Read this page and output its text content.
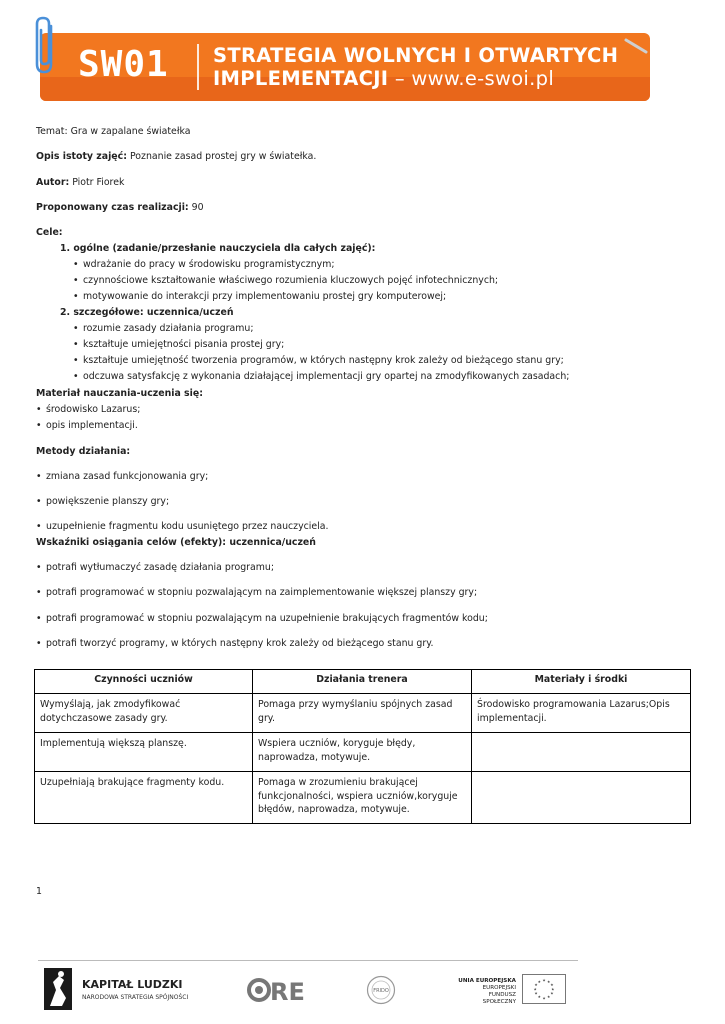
SW01 STRATEGIA WOLNYCH I OTWARTYCH
IMPLEMENTACJI – www.e-swoi.pl
Temat: Gra w zapalane światełka
Opis istoty zajęć: Poznanie zasad prostej gry w światełka.
Autor: Piotr Fiorek
Proponowany czas realizacji: 90
Cele:
1. ogólne (zadanie/przesłanie nauczyciela dla całych zajęć):
• wdrażanie do pracy w środowisku programistycznym;
• czynnościowe kształtowanie właściwego rozumienia kluczowych pojęć infotechnicznych;
• motywowanie do interakcji przy implementowaniu prostej gry komputerowej;
2. szczegółowe: uczennica/uczeń
• rozumie zasady działania programu;
• kształtuje umiejętności pisania prostej gry;
• kształtuje umiejętność tworzenia programów, w których następny krok zależy od bieżącego stanu gry;
• odczuwa satysfakcję z wykonania działającej implementacji gry opartej na zmodyfikowanych zasadach;
Materiał nauczania-uczenia się:
• środowisko Lazarus;
• opis implementacji.
Metody działania:
• zmiana zasad funkcjonowania gry;
• powiększenie planszy gry;
• uzupełnienie fragmentu kodu usuniętego przez nauczyciela.
Wskaźniki osiągania celów (efekty): uczennica/uczeń
• potrafi wytłumaczyć zasadę działania programu;
• potrafi programować w stopniu pozwalającym na zaimplementowanie większej planszy gry;
• potrafi programować w stopniu pozwalającym na uzupełnienie brakujących fragmentów kodu;
• potrafi tworzyć programy, w których następny krok zależy od bieżącego stanu gry.
Czynności uczniów	Działania trenera	Materiały i środki
Wymyślają, jak zmodyfikować dotychczasowe zasady gry.	Pomaga przy wymyślaniu spójnych zasad gry.	Środowisko programowania Lazarus;Opis implementacji.
Implementują większą planszę.	Wspiera uczniów, koryguje błędy, naprowadza, motywuje.	
Uzupełniają brakujące fragmenty kodu.	Pomaga w zrozumieniu brakującej funkcjonalności, wspiera uczniów,koryguje błędów, naprowadza, motywuje.	
1
KAPITAŁ LUDZKI
NARODOWA STRATEGIA SPÓJNOŚCI	RE	FRIDO
UNIA EUROPEJSKA
EUROPEJSKI
FUNDUSZ SPOŁECZNY
★ ★
★
★
★
★
★
★
★
★
★
★
